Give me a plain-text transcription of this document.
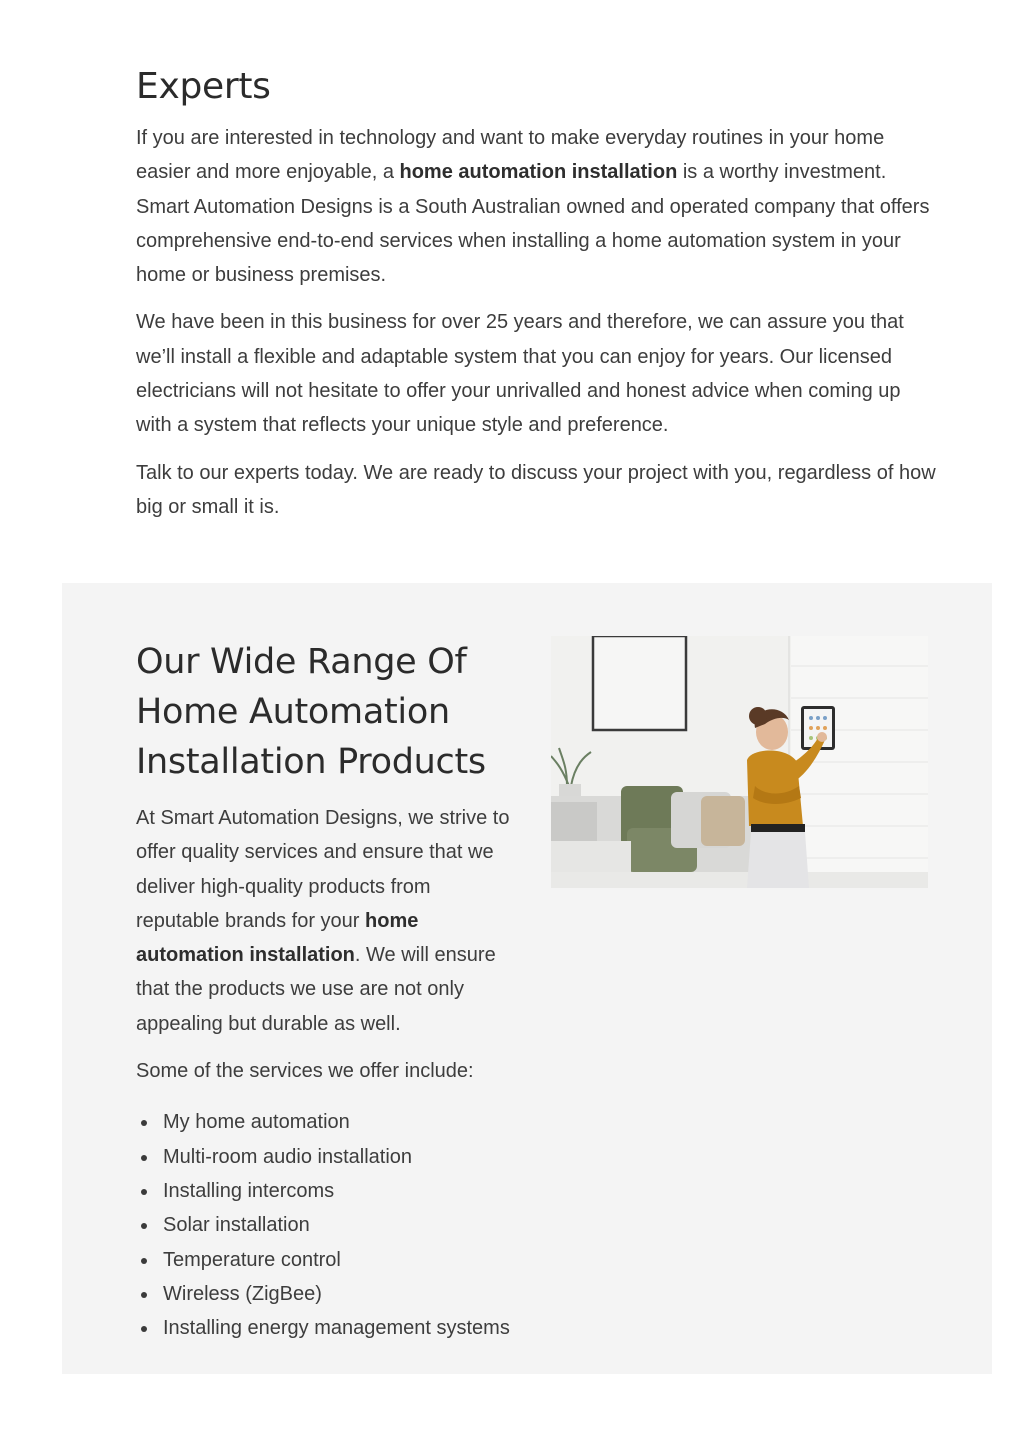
Experts

If you are interested in technology and want to make everyday routines in your home easier and more enjoyable, a home automation installation is a worthy investment. Smart Automation Designs is a South Australian owned and operated company that offers comprehensive end-to-end services when installing a home automation system in your home or business premises.

We have been in this business for over 25 years and therefore, we can assure you that we’ll install a flexible and adaptable system that you can enjoy for years. Our licensed electricians will not hesitate to offer your unrivalled and honest advice when coming up with a system that reflects your unique style and preference.

Talk to our experts today. We are ready to discuss your project with you, regardless of how big or small it is.

Our Wide Range Of Home Automation Installation Products

At Smart Automation Designs, we strive to offer quality services and ensure that we deliver high-quality products from reputable brands for your home automation installation. We will ensure that the products we use are not only appealing but durable as well.

Some of the services we offer include:

My home automation
Multi-room audio installation
Installing intercoms
Solar installation
Temperature control
Wireless (ZigBee)
Installing energy management systems
